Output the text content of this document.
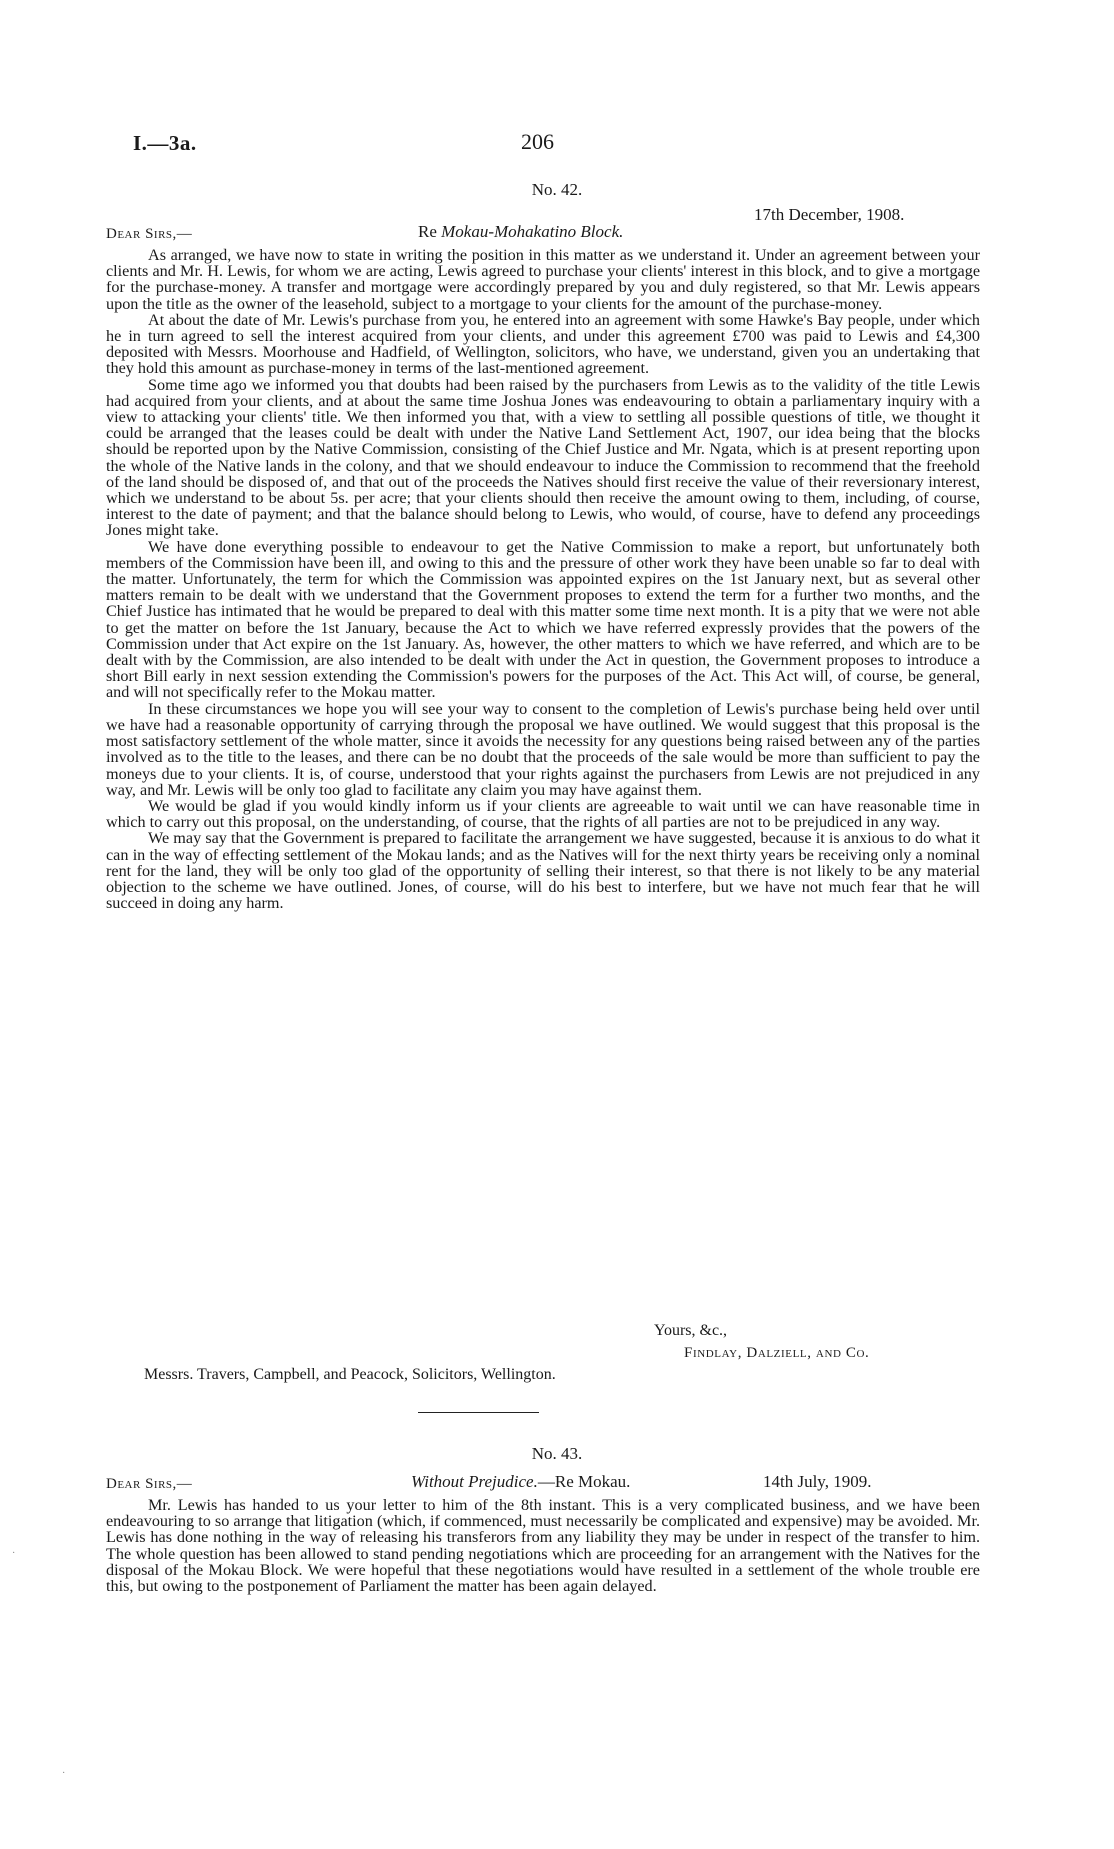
I.—3a.	206
No. 42.
17th December, 1908.
Dear Sirs,—	Re Mokau-Mohakatino Block.

As arranged, we have now to state in writing the position in this matter as we understand it. Under an agreement between your clients and Mr. H. Lewis, for whom we are acting, Lewis agreed to purchase your clients' interest in this block, and to give a mortgage for the purchase-money. A transfer and mortgage were accordingly prepared by you and duly registered, so that Mr. Lewis appears upon the title as the owner of the leasehold, subject to a mortgage to your clients for the amount of the purchase-money.

At about the date of Mr. Lewis's purchase from you, he entered into an agreement with some Hawke's Bay people, under which he in turn agreed to sell the interest acquired from your clients, and under this agreement £700 was paid to Lewis and £4,300 deposited with Messrs. Moorhouse and Hadfield, of Wellington, solicitors, who have, we understand, given you an undertaking that they hold this amount as purchase-money in terms of the last-mentioned agreement.

Some time ago we informed you that doubts had been raised by the purchasers from Lewis as to the validity of the title Lewis had acquired from your clients, and at about the same time Joshua Jones was endeavouring to obtain a parliamentary inquiry with a view to attacking your clients' title. We then informed you that, with a view to settling all possible questions of title, we thought it could be arranged that the leases could be dealt with under the Native Land Settlement Act, 1907, our idea being that the blocks should be reported upon by the Native Commission, consisting of the Chief Justice and Mr. Ngata, which is at present reporting upon the whole of the Native lands in the colony, and that we should endeavour to induce the Commission to recommend that the freehold of the land should be disposed of, and that out of the proceeds the Natives should first receive the value of their reversionary interest, which we understand to be about 5s. per acre; that your clients should then receive the amount owing to them, including, of course, interest to the date of payment; and that the balance should belong to Lewis, who would, of course, have to defend any proceedings Jones might take.

We have done everything possible to endeavour to get the Native Commission to make a report, but unfortunately both members of the Commission have been ill, and owing to this and the pressure of other work they have been unable so far to deal with the matter. Unfortunately, the term for which the Commission was appointed expires on the 1st January next, but as several other matters remain to be dealt with we understand that the Government proposes to extend the term for a further two months, and the Chief Justice has intimated that he would be prepared to deal with this matter some time next month. It is a pity that we were not able to get the matter on before the 1st January, because the Act to which we have referred expressly provides that the powers of the Commission under that Act expire on the 1st January. As, however, the other matters to which we have referred, and which are to be dealt with by the Commission, are also intended to be dealt with under the Act in question, the Government proposes to introduce a short Bill early in next session extending the Commission's powers for the purposes of the Act. This Act will, of course, be general, and will not specifically refer to the Mokau matter.

In these circumstances we hope you will see your way to consent to the completion of Lewis's purchase being held over until we have had a reasonable opportunity of carrying through the proposal we have outlined. We would suggest that this proposal is the most satisfactory settlement of the whole matter, since it avoids the necessity for any questions being raised between any of the parties involved as to the title to the leases, and there can be no doubt that the proceeds of the sale would be more than sufficient to pay the moneys due to your clients. It is, of course, understood that your rights against the purchasers from Lewis are not prejudiced in any way, and Mr. Lewis will be only too glad to facilitate any claim you may have against them.

We would be glad if you would kindly inform us if your clients are agreeable to wait until we can have reasonable time in which to carry out this proposal, on the understanding, of course, that the rights of all parties are not to be prejudiced in any way.

We may say that the Government is prepared to facilitate the arrangement we have suggested, because it is anxious to do what it can in the way of effecting settlement of the Mokau lands; and as the Natives will for the next thirty years be receiving only a nominal rent for the land, they will be only too glad of the opportunity of selling their interest, so that there is not likely to be any material objection to the scheme we have outlined. Jones, of course, will do his best to interfere, but we have not much fear that he will succeed in doing any harm.

Yours, &c.,
Findlay, Dalziell, and Co.
Messrs. Travers, Campbell, and Peacock, Solicitors, Wellington.
No. 43.
Dear Sirs,—	Without Prejudice.—Re Mokau.	14th July, 1909.

Mr. Lewis has handed to us your letter to him of the 8th instant. This is a very complicated business, and we have been endeavouring to so arrange that litigation (which, if commenced, must necessarily be complicated and expensive) may be avoided. Mr. Lewis has done nothing in the way of releasing his transferors from any liability they may be under in respect of the transfer to him. The whole question has been allowed to stand pending negotiations which are proceeding for an arrangement with the Natives for the disposal of the Mokau Block. We were hopeful that these negotiations would have resulted in a settlement of the whole trouble ere this, but owing to the postponement of Parliament the matter has been again delayed.

·
·
